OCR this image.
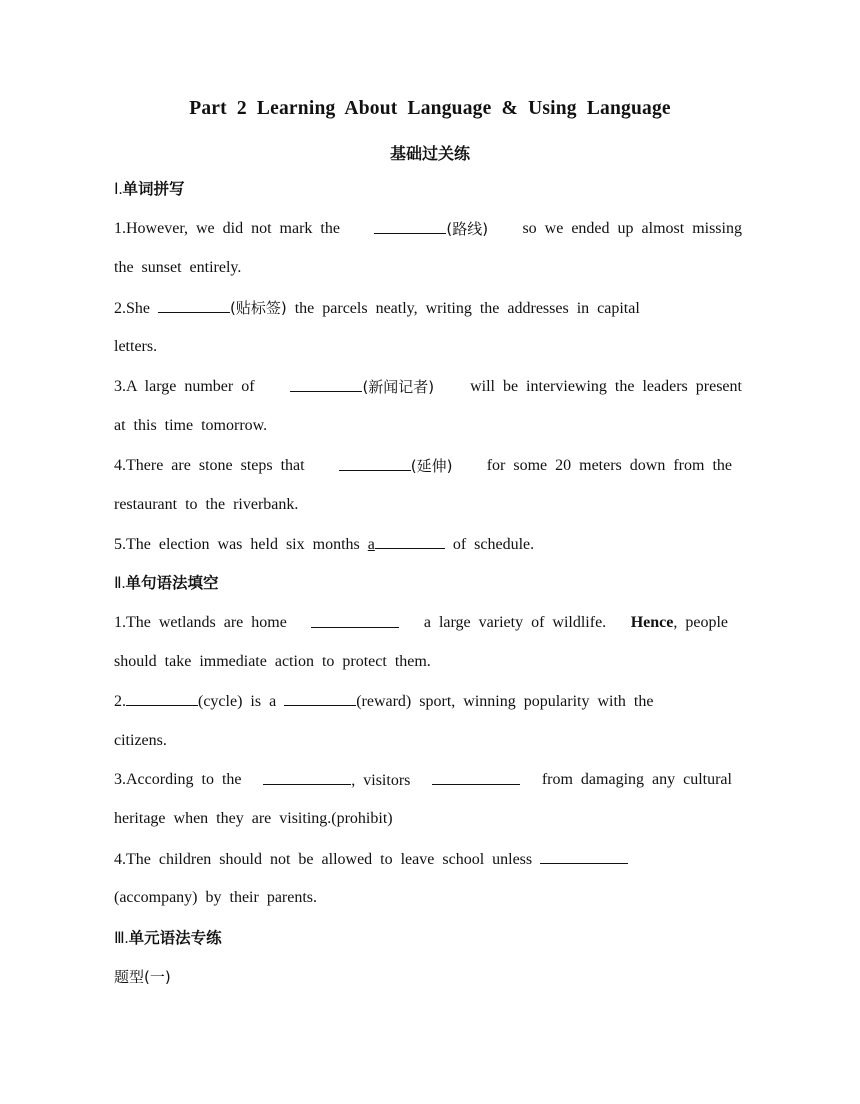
Part 2 Learning About Language & Using Language
基础过关练
Ⅰ.单词拼写
1.However, we did not mark the	(路线) so we ended up almost missing
the sunset entirely.
2.She	(贴标签) the parcels neatly, writing the addresses in capital
letters.
3.A large number of	(新闻记者) will be interviewing the leaders present
at this time tomorrow.
4.There are stone steps that	(延伸) for some 20 meters down from the
restaurant to the riverbank.
5.The election was held six months a	of schedule.
Ⅱ.单句语法填空
1.The wetlands are home	a large variety of wildlife. Hence, people
should take immediate action to protect them.
2.	(cycle) is a	(reward) sport, winning popularity with the
citizens.
3.According to the	, visitors	from damaging any cultural
heritage when they are visiting.(prohibit)
4.The children should not be allowed to leave school unless
(accompany) by their parents.
Ⅲ.单元语法专练
题型(一)
